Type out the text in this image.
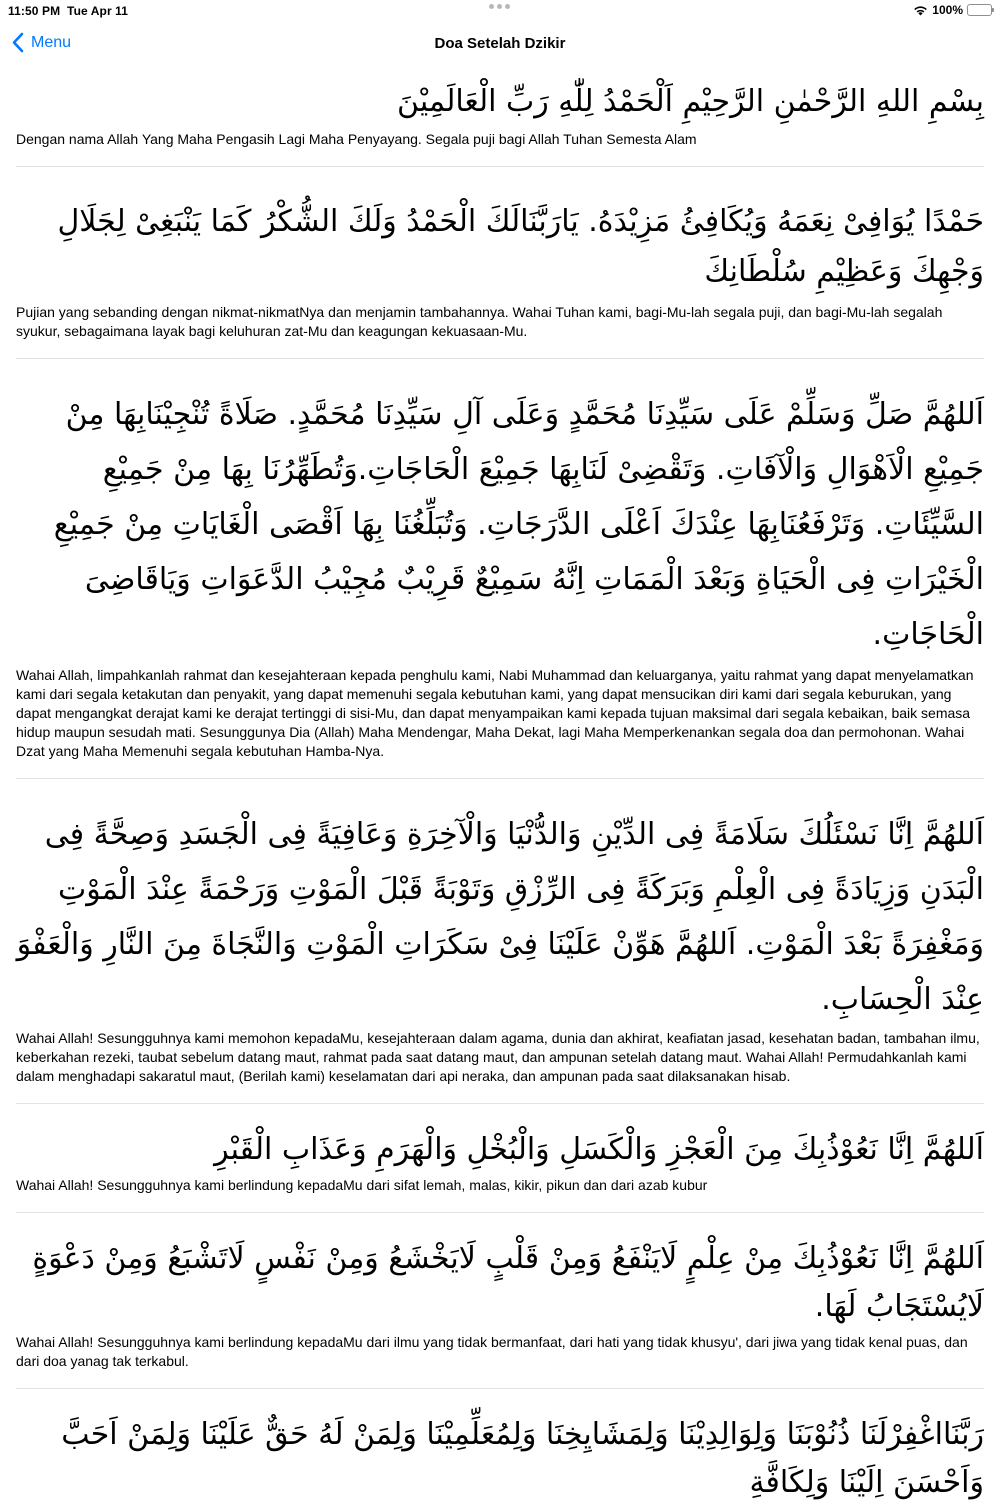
11:50 PM Tue Apr 11	100%
Menu	Doa Setelah Dzikir
بِسْمِ اللهِ الرَّحْمٰنِ الرَّحِيْمِ اَلْحَمْدُ لِلّٰهِ رَبِّ الْعَالَمِيْنَ
Dengan nama Allah Yang Maha Pengasih Lagi Maha Penyayang. Segala puji bagi Allah Tuhan Semesta Alam
حَمْدًا يُوَافِىْ نِعَمَهُ وَيُكَافِئُ مَزِيْدَهُ. يَارَبَّنَالَكَ الْحَمْدُ وَلَكَ الشُّكْرُ كَمَا يَنْبَغِىْ لِجَلَالِ وَجْهِكَ وَعَظِيْمِ سُلْطَانِكَ
Pujian yang sebanding dengan nikmat-nikmatNya dan menjamin tambahannya. Wahai Tuhan kami, bagi-Mu-lah segala puji, dan bagi-Mu-lah segalah syukur, sebagaimana layak bagi keluhuran zat-Mu dan keagungan kekuasaan-Mu.
اَللهُمَّ صَلِّ وَسَلِّمْ عَلَى سَيِّدِنَا مُحَمَّدٍ وَعَلَى آلِ سَيِّدِنَا مُحَمَّدٍ. صَلَاةً تُنْجِيْنَابِهَا مِنْ جَمِيْعِ الْاَهْوَالِ وَالْآفَاتِ. وَتَقْضِىْ لَنَابِهَا جَمِيْعَ الْحَاجَاتِ.وَتُطَهِّرُنَا بِهَا مِنْ جَمِيْعِ السَّيِّئَاتِ. وَتَرْفَعُنَابِهَا عِنْدَكَ اَعْلَى الدَّرَجَاتِ. وَتُبَلِّغُنَا بِهَا اَقْصَى الْغَايَاتِ مِنْ جَمِيْعِ الْخَيْرَاتِ فِى الْحَيَاةِ وَبَعْدَ الْمَمَاتِ اِنَّهُ سَمِيْعٌ قَرِيْبٌ مُجِيْبُ الدَّعَوَاتِ وَيَاقَاضِىَ الْحَاجَاتِ.
Wahai Allah, limpahkanlah rahmat dan kesejahteraan kepada penghulu kami, Nabi Muhammad dan keluarganya, yaitu rahmat yang dapat menyelamatkan kami dari segala ketakutan dan penyakit, yang dapat memenuhi segala kebutuhan kami, yang dapat mensucikan diri kami dari segala keburukan, yang dapat mengangkat derajat kami ke derajat tertinggi di sisi-Mu, dan dapat menyampaikan kami kepada tujuan maksimal dari segala kebaikan, baik semasa hidup maupun sesudah mati. Sesunggunya Dia (Allah) Maha Mendengar, Maha Dekat, lagi Maha Memperkenankan segala doa dan permohonan. Wahai Dzat yang Maha Memenuhi segala kebutuhan Hamba-Nya.
اَللهُمَّ اِنَّا نَسْئَلُكَ سَلَامَةً فِى الدِّيْنِ وَالدُّنْيَا وَالْآخِرَةِ وَعَافِيَةً فِى الْجَسَدِ وَصِحَّةً فِى الْبَدَنِ وَزِيَادَةً فِى الْعِلْمِ وَبَرَكَةً فِى الرِّزْقِ وَتَوْبَةً قَبْلَ الْمَوْتِ وَرَحْمَةً عِنْدَ الْمَوْتِ وَمَغْفِرَةً بَعْدَ الْمَوْتِ. اَللهُمَّ هَوِّنْ عَلَيْنَا فِىْ سَكَرَاتِ الْمَوْتِ وَالنَّجَاةَ مِنَ النَّارِ وَالْعَفْوَ عِنْدَ الْحِسَابِ.
Wahai Allah! Sesungguhnya kami memohon kepadaMu, kesejahteraan dalam agama, dunia dan akhirat, keafiatan jasad, kesehatan badan, tambahan ilmu, keberkahan rezeki, taubat sebelum datang maut, rahmat pada saat datang maut, dan ampunan setelah datang maut. Wahai Allah! Permudahkanlah kami dalam menghadapi sakaratul maut, (Berilah kami) keselamatan dari api neraka, dan ampunan pada saat dilaksanakan hisab.
اَللهُمَّ اِنَّا نَعُوْذُبِكَ مِنَ الْعَجْزِ وَالْكَسَلِ وَالْبُخْلِ وَالْهَرَمِ وَعَذَابِ الْقَبْرِ
Wahai Allah! Sesungguhnya kami berlindung kepadaMu dari sifat lemah, malas, kikir, pikun dan dari azab kubur
اَللهُمَّ اِنَّا نَعُوْذُبِكَ مِنْ عِلْمٍ لَايَنْفَعُ وَمِنْ قَلْبٍ لَايَخْشَعُ وَمِنْ نَفْسٍ لَاتَشْبَعُ وَمِنْ دَعْوَةٍ لَايُسْتَجَابُ لَهَا.
Wahai Allah! Sesungguhnya kami berlindung kepadaMu dari ilmu yang tidak bermanfaat, dari hati yang tidak khusyu', dari jiwa yang tidak kenal puas, dan dari doa yanag tak terkabul.
رَبَّنَااغْفِرْلَنَا ذُنُوْبَنَا وَلِوَالِدِيْنَا وَلِمَشَايِخِنَا وَلِمُعَلِّمِيْنَا وَلِمَنْ لَهُ حَقٌّ عَلَيْنَا وَلِمَنْ اَحَبَّ وَاَحْسَنَ اِلَيْنَا وَلِكَافَّةِ
